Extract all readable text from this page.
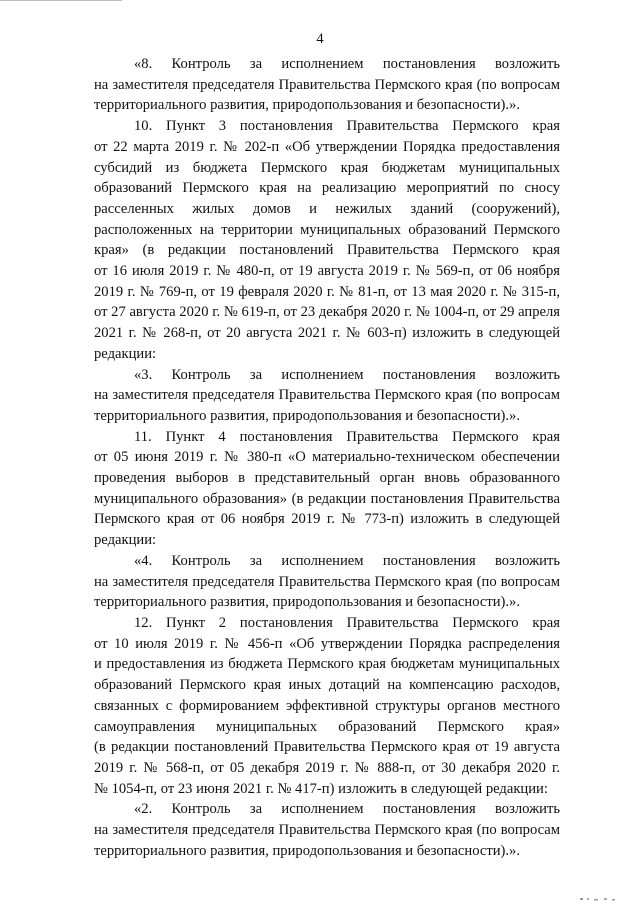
4

«8. Контроль за исполнением постановления возложить

на заместителя председателя Правительства Пермского края (по вопросам

территориального развития, природопользования и безопасности).».

10. Пункт 3 постановления Правительства Пермского края

от 22 марта 2019 г. № 202-п «Об утверждении Порядка предоставления

субсидий из бюджета Пермского края бюджетам муниципальных

образований Пермского края на реализацию мероприятий по сносу

расселенных жилых домов и нежилых зданий (сооружений),

расположенных на территории муниципальных образований Пермского

края» (в редакции постановлений Правительства Пермского края

от 16 июля 2019 г. № 480-п, от 19 августа 2019 г. № 569-п, от 06 ноября

2019 г. № 769-п, от 19 февраля 2020 г. № 81-п, от 13 мая 2020 г. № 315-п,

от 27 августа 2020 г. № 619-п, от 23 декабря 2020 г. № 1004-п, от 29 апреля

2021 г. № 268-п, от 20 августа 2021 г. № 603-п) изложить в следующей

редакции:

«3. Контроль за исполнением постановления возложить

на заместителя председателя Правительства Пермского края (по вопросам

территориального развития, природопользования и безопасности).».

11. Пункт 4 постановления Правительства Пермского края

от 05 июня 2019 г. № 380-п «О материально-техническом обеспечении

проведения выборов в представительный орган вновь образованного

муниципального образования» (в редакции постановления Правительства

Пермского края от 06 ноября 2019 г. № 773-п) изложить в следующей

редакции:

«4. Контроль за исполнением постановления возложить

на заместителя председателя Правительства Пермского края (по вопросам

территориального развития, природопользования и безопасности).».

12. Пункт 2 постановления Правительства Пермского края

от 10 июля 2019 г. № 456-п «Об утверждении Порядка распределения

и предоставления из бюджета Пермского края бюджетам муниципальных

образований Пермского края иных дотаций на компенсацию расходов,

связанных с формированием эффективной структуры органов местного

самоуправления муниципальных образований Пермского края»

(в редакции постановлений Правительства Пермского края от 19 августа

2019 г. № 568-п, от 05 декабря 2019 г. № 888-п, от 30 декабря 2020 г.

№ 1054-п, от 23 июня 2021 г. № 417-п) изложить в следующей редакции:

«2. Контроль за исполнением постановления возложить

на заместителя председателя Правительства Пермского края (по вопросам

территориального развития, природопользования и безопасности).».
